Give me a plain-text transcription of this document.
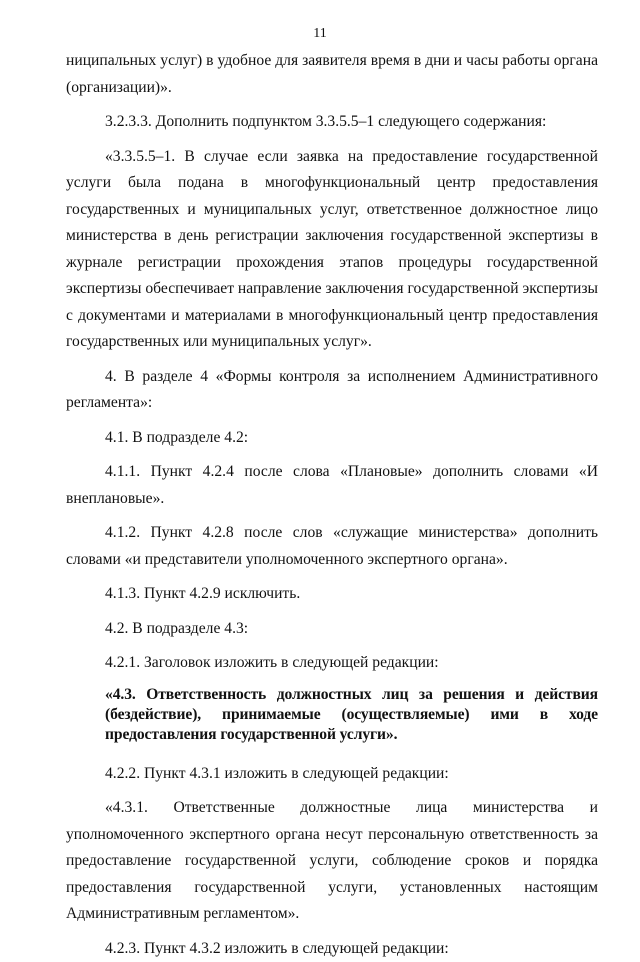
11

ниципальных услуг) в удобное для заявителя время в дни и часы работы органа (организации)».

3.2.3.3. Дополнить подпунктом 3.3.5.5–1 следующего содержания:

«3.3.5.5–1. В случае если заявка на предоставление государственной услуги была подана в многофункциональный центр предоставления государственных и муниципальных услуг, ответственное должностное лицо министерства в день регистрации заключения государственной экспертизы в журнале регистрации прохождения этапов процедуры государственной экспертизы обеспечивает направление заключения государственной экспертизы с документами и материалами в многофункциональный центр предоставления государственных или муниципальных услуг».

4. В разделе 4 «Формы контроля за исполнением Административного регламента»:

4.1. В подразделе 4.2:

4.1.1. Пункт 4.2.4 после слова «Плановые» дополнить словами «И внеплановые».

4.1.2. Пункт 4.2.8 после слов «служащие министерства» дополнить словами «и представители уполномоченного экспертного органа».

4.1.3. Пункт 4.2.9 исключить.

4.2. В подразделе 4.3:

4.2.1. Заголовок изложить в следующей редакции:

«4.3. Ответственность должностных лиц за решения и действия (бездействие), принимаемые (осуществляемые) ими в ходе предоставления государственной услуги».

4.2.2. Пункт 4.3.1 изложить в следующей редакции:

«4.3.1. Ответственные должностные лица министерства и уполномоченного экспертного органа несут персональную ответственность за предоставление государственной услуги, соблюдение сроков и порядка предоставления государственной услуги, установленных настоящим Административным регламентом».

4.2.3. Пункт 4.3.2 изложить в следующей редакции:
